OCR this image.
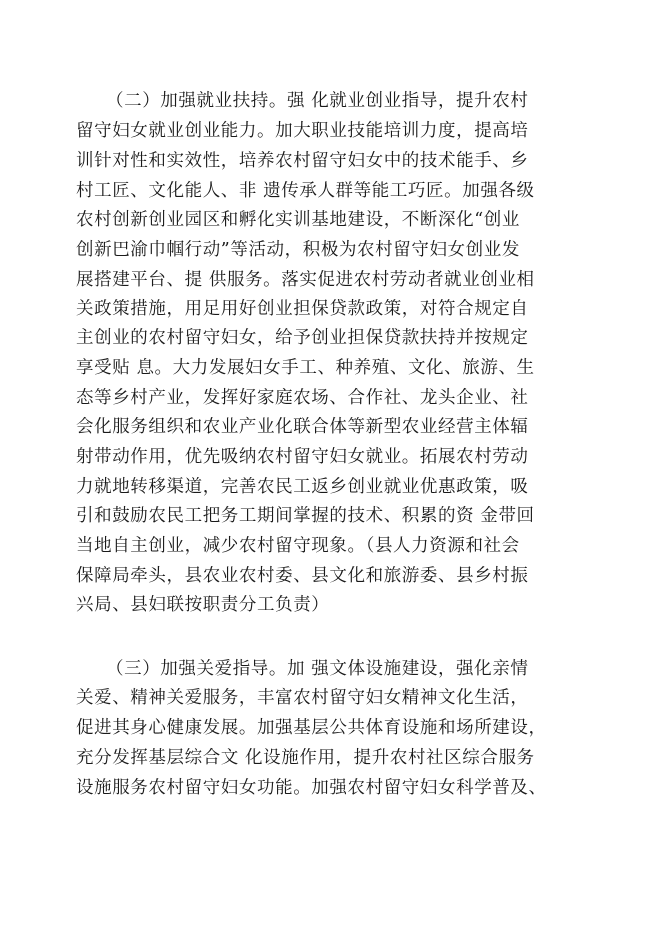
（二）加强就业扶持。强 化就业创业指导，提升农村
留守妇女就业创业能力。加大职业技能培训力度，提高培
训针对性和实效性，培养农村留守妇女中的技术能手、乡
村工匠、文化能人、非 遗传承人群等能工巧匠。加强各级
农村创新创业园区和孵化实训基地建设，不断深化“创业
创新巴渝巾帼行动”等活动，积极为农村留守妇女创业发
展搭建平台、提 供服务。落实促进农村劳动者就业创业相
关政策措施，用足用好创业担保贷款政策，对符合规定自
主创业的农村留守妇女，给予创业担保贷款扶持并按规定
享受贴 息。大力发展妇女手工、种养殖、文化、旅游、生
态等乡村产业，发挥好家庭农场、合作社、龙头企业、社
会化服务组织和农业产业化联合体等新型农业经营主体辐
射带动作用，优先吸纳农村留守妇女就业。拓展农村劳动
力就地转移渠道，完善农民工返乡创业就业优惠政策，吸
引和鼓励农民工把务工期间掌握的技术、积累的资 金带回
当地自主创业，减少农村留守现象。（县人力资源和社会
保障局牵头，县农业农村委、县文化和旅游委、县乡村振
兴局、县妇联按职责分工负责）
（三）加强关爱指导。加 强文体设施建设，强化亲情
关爱、精神关爱服务，丰富农村留守妇女精神文化生活，
促进其身心健康发展。加强基层公共体育设施和场所建设，
充分发挥基层综合文 化设施作用，提升农村社区综合服务
设施服务农村留守妇女功能。加强农村留守妇女科学普及、
